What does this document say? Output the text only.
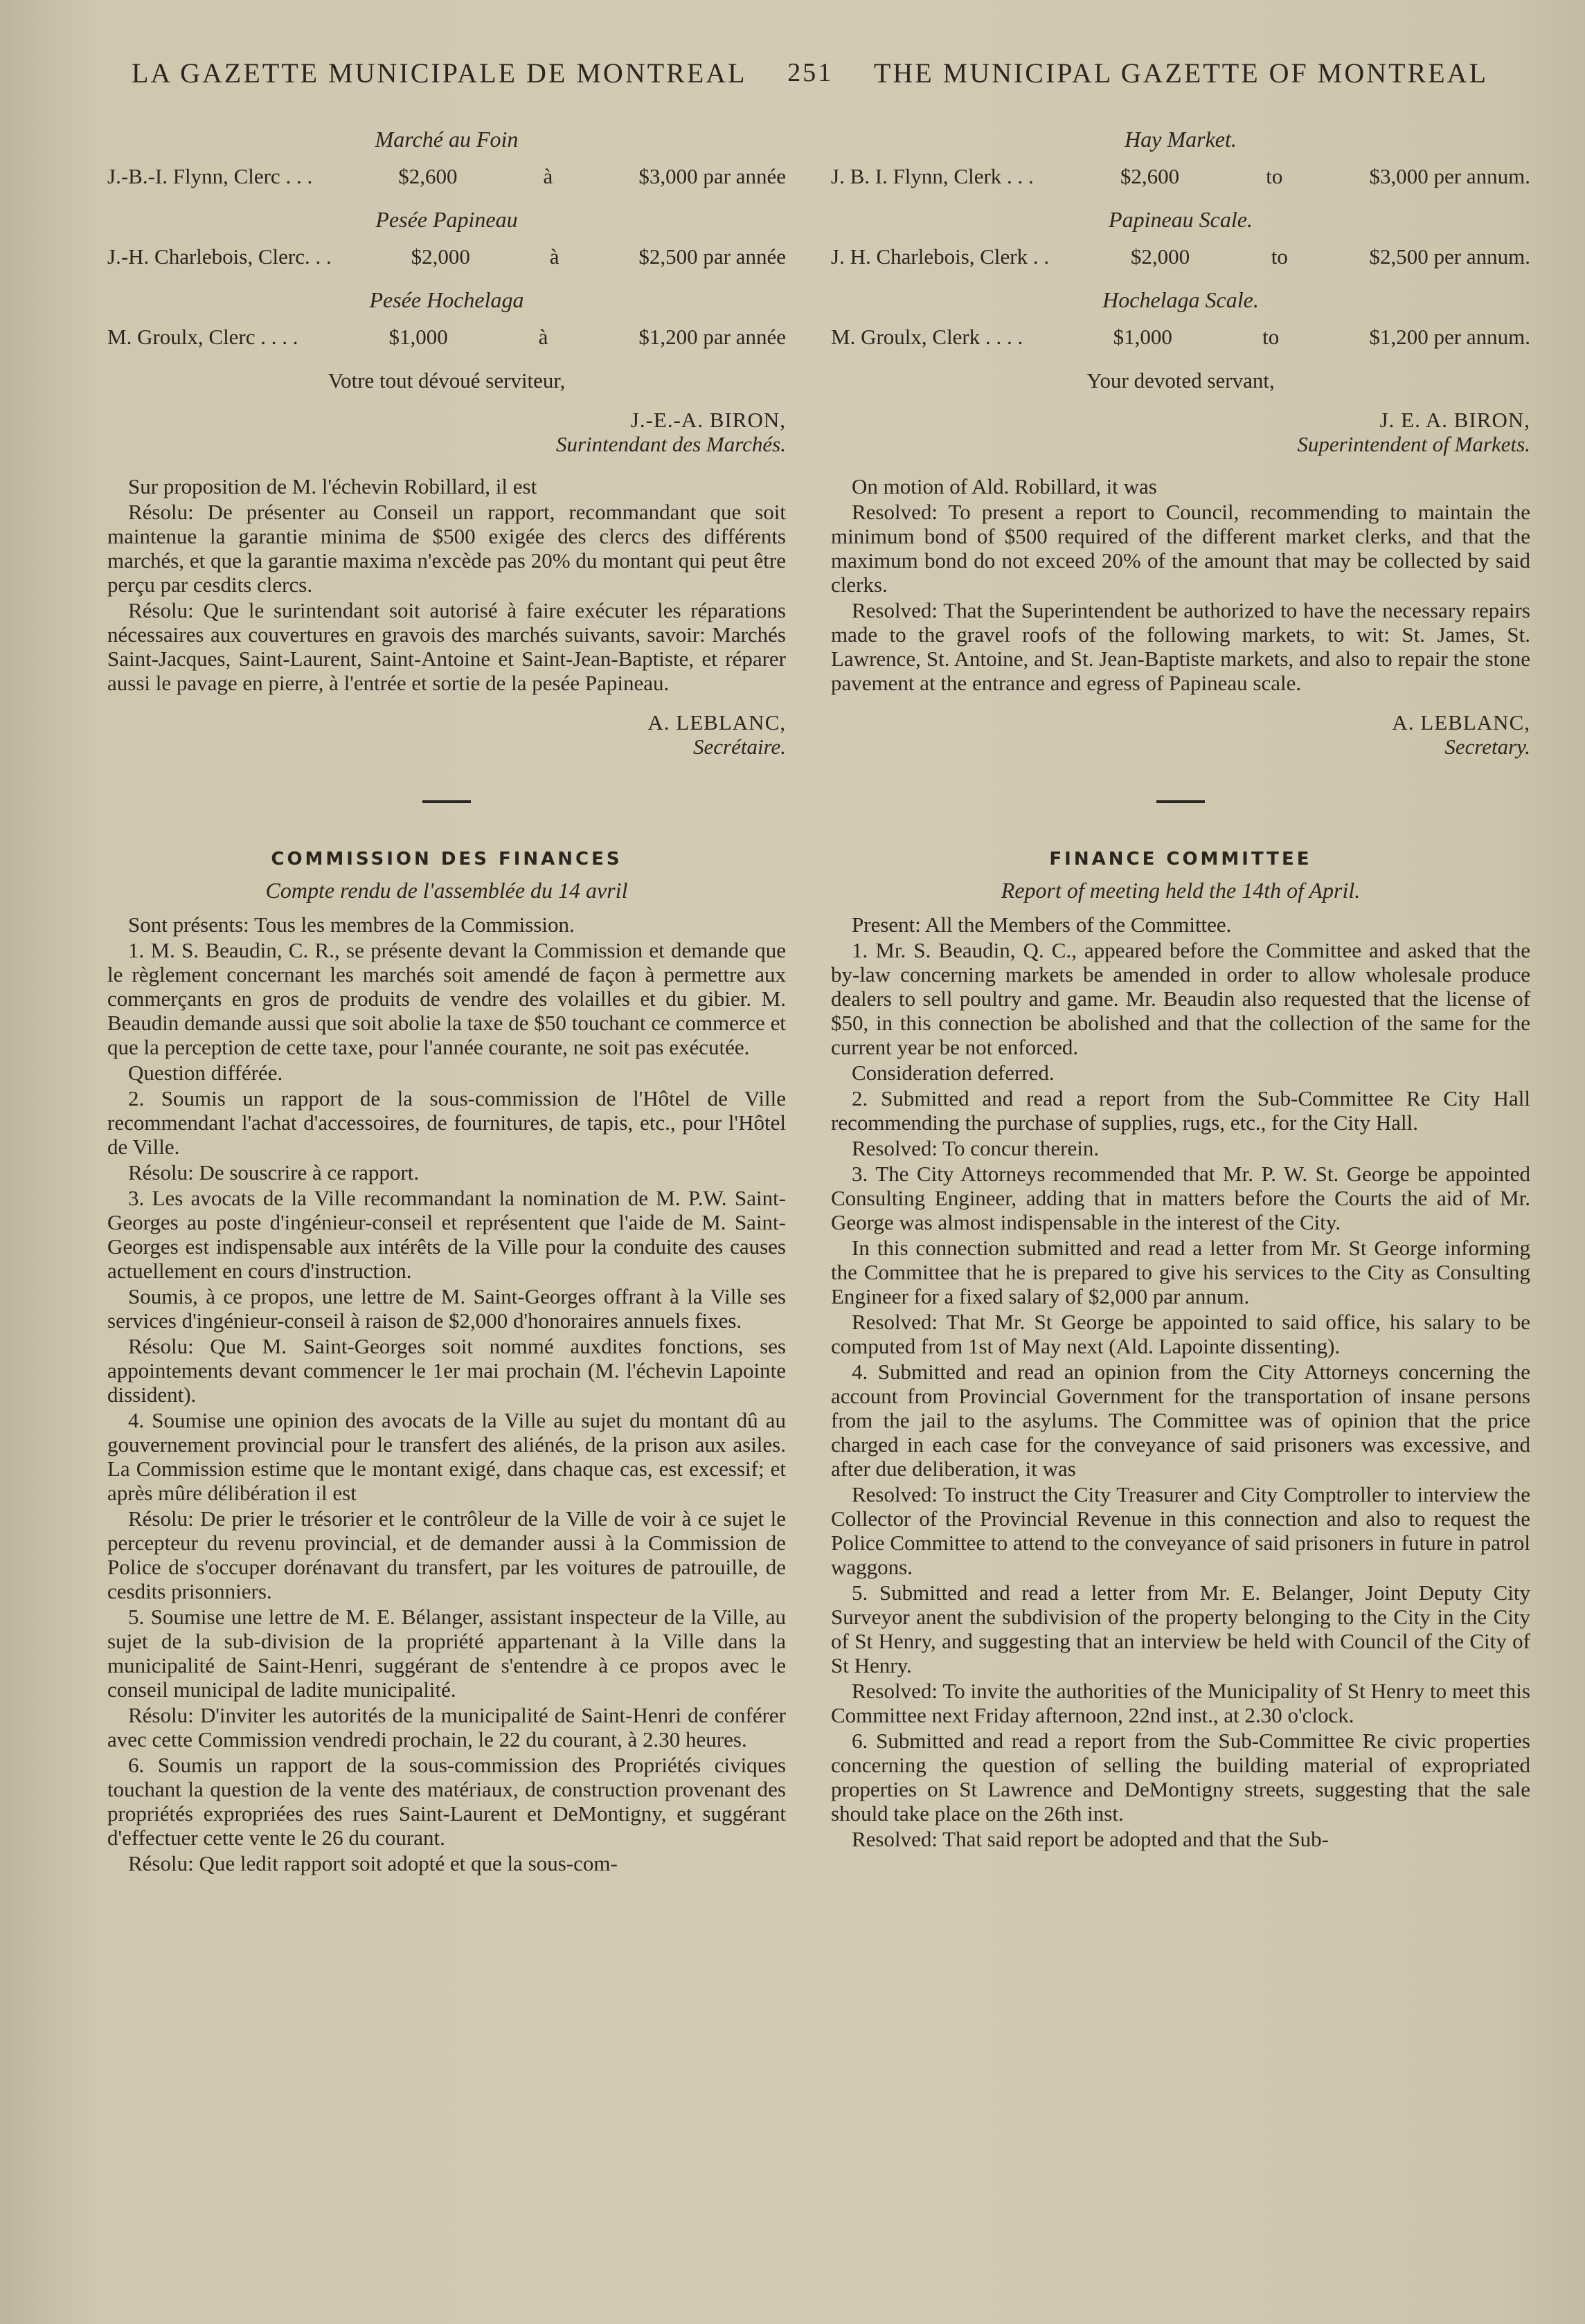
LA GAZETTE MUNICIPALE DE MONTREAL 251 THE MUNICIPAL GAZETTE OF MONTREAL
Marché au Foin
J.-B.-I. Flynn, Clerc . . .	$2,600	à	$3,000 par année
Pesée Papineau
J.-H. Charlebois, Clerc. . .	$2,000	à	$2,500 par année
Pesée Hochelaga
M. Groulx, Clerc . . . .	$1,000	à	$1,200 par année
Votre tout dévoué serviteur,
J.-E.-A. BIRON,
Surintendant des Marchés.

Sur proposition de M. l'échevin Robillard, il est

Résolu: De présenter au Conseil un rapport, recommandant que soit maintenue la garantie minima de $500 exigée des clercs des différents marchés, et que la garantie maxima n'excède pas 20% du montant qui peut être perçu par cesdits clercs.

Résolu: Que le surintendant soit autorisé à faire exécuter les réparations nécessaires aux couvertures en gravois des marchés suivants, savoir: Marchés Saint-Jacques, Saint-Laurent, Saint-Antoine et Saint-Jean-Baptiste, et réparer aussi le pavage en pierre, à l'entrée et sortie de la pesée Papineau.

A. LEBLANC,
Secrétaire.
COMMISSION DES FINANCES
Compte rendu de l'assemblée du 14 avril

Sont présents: Tous les membres de la Commission.

1. M. S. Beaudin, C. R., se présente devant la Commission et demande que le règlement concernant les marchés soit amendé de façon à permettre aux commerçants en gros de produits de vendre des volailles et du gibier. M. Beaudin demande aussi que soit abolie la taxe de $50 touchant ce commerce et que la perception de cette taxe, pour l'année courante, ne soit pas exécutée.

Question différée.

2. Soumis un rapport de la sous-commission de l'Hôtel de Ville recommendant l'achat d'accessoires, de fournitures, de tapis, etc., pour l'Hôtel de Ville.

Résolu: De souscrire à ce rapport.

3. Les avocats de la Ville recommandant la nomination de M. P.W. Saint-Georges au poste d'ingénieur-conseil et représentent que l'aide de M. Saint-Georges est indispensable aux intérêts de la Ville pour la conduite des causes actuellement en cours d'instruction.

Soumis, à ce propos, une lettre de M. Saint-Georges offrant à la Ville ses services d'ingénieur-conseil à raison de $2,000 d'honoraires annuels fixes.

Résolu: Que M. Saint-Georges soit nommé auxdites fonctions, ses appointements devant commencer le 1er mai prochain (M. l'échevin Lapointe dissident).

4. Soumise une opinion des avocats de la Ville au sujet du montant dû au gouvernement provincial pour le transfert des aliénés, de la prison aux asiles. La Commission estime que le montant exigé, dans chaque cas, est excessif; et après mûre délibération il est

Résolu: De prier le trésorier et le contrôleur de la Ville de voir à ce sujet le percepteur du revenu provincial, et de demander aussi à la Commission de Police de s'occuper dorénavant du transfert, par les voitures de patrouille, de cesdits prisonniers.

5. Soumise une lettre de M. E. Bélanger, assistant inspecteur de la Ville, au sujet de la sub-division de la propriété appartenant à la Ville dans la municipalité de Saint-Henri, suggérant de s'entendre à ce propos avec le conseil municipal de ladite municipalité.

Résolu: D'inviter les autorités de la municipalité de Saint-Henri de conférer avec cette Commission vendredi prochain, le 22 du courant, à 2.30 heures.

6. Soumis un rapport de la sous-commission des Propriétés civiques touchant la question de la vente des matériaux, de construction provenant des propriétés expropriées des rues Saint-Laurent et DeMontigny, et suggérant d'effectuer cette vente le 26 du courant.

Résolu: Que ledit rapport soit adopté et que la sous-com-

Hay Market.
J. B. I. Flynn, Clerk . . .	$2,600	to	$3,000 per annum.
Papineau Scale.
J. H. Charlebois, Clerk . .	$2,000	to	$2,500 per annum.
Hochelaga Scale.
M. Groulx, Clerk . . . .	$1,000	to	$1,200 per annum.
Your devoted servant,
J. E. A. BIRON,
Superintendent of Markets.

On motion of Ald. Robillard, it was

Resolved: To present a report to Council, recommending to maintain the minimum bond of $500 required of the different market clerks, and that the maximum bond do not exceed 20% of the amount that may be collected by said clerks.

Resolved: That the Superintendent be authorized to have the necessary repairs made to the gravel roofs of the following markets, to wit: St. James, St. Lawrence, St. Antoine, and St. Jean-Baptiste markets, and also to repair the stone pavement at the entrance and egress of Papineau scale.

A. LEBLANC,
Secretary.
FINANCE COMMITTEE
Report of meeting held the 14th of April.

Present: All the Members of the Committee.

1. Mr. S. Beaudin, Q. C., appeared before the Committee and asked that the by-law concerning markets be amended in order to allow wholesale produce dealers to sell poultry and game. Mr. Beaudin also requested that the license of $50, in this connection be abolished and that the collection of the same for the current year be not enforced.

Consideration deferred.

2. Submitted and read a report from the Sub-Committee Re City Hall recommending the purchase of supplies, rugs, etc., for the City Hall.

Resolved: To concur therein.

3. The City Attorneys recommended that Mr. P. W. St. George be appointed Consulting Engineer, adding that in matters before the Courts the aid of Mr. George was almost indispensable in the interest of the City.

In this connection submitted and read a letter from Mr. St George informing the Committee that he is prepared to give his services to the City as Consulting Engineer for a fixed salary of $2,000 par annum.

Resolved: That Mr. St George be appointed to said office, his salary to be computed from 1st of May next (Ald. Lapointe dissenting).

4. Submitted and read an opinion from the City Attorneys concerning the account from Provincial Government for the transportation of insane persons from the jail to the asylums. The Committee was of opinion that the price charged in each case for the conveyance of said prisoners was excessive, and after due deliberation, it was

Resolved: To instruct the City Treasurer and City Comptroller to interview the Collector of the Provincial Revenue in this connection and also to request the Police Committee to attend to the conveyance of said prisoners in future in patrol waggons.

5. Submitted and read a letter from Mr. E. Belanger, Joint Deputy City Surveyor anent the subdivision of the property belonging to the City in the City of St Henry, and suggesting that an interview be held with Council of the City of St Henry.

Resolved: To invite the authorities of the Municipality of St Henry to meet this Committee next Friday afternoon, 22nd inst., at 2.30 o'clock.

6. Submitted and read a report from the Sub-Committee Re civic properties concerning the question of selling the building material of expropriated properties on St Lawrence and DeMontigny streets, suggesting that the sale should take place on the 26th inst.

Resolved: That said report be adopted and that the Sub-
